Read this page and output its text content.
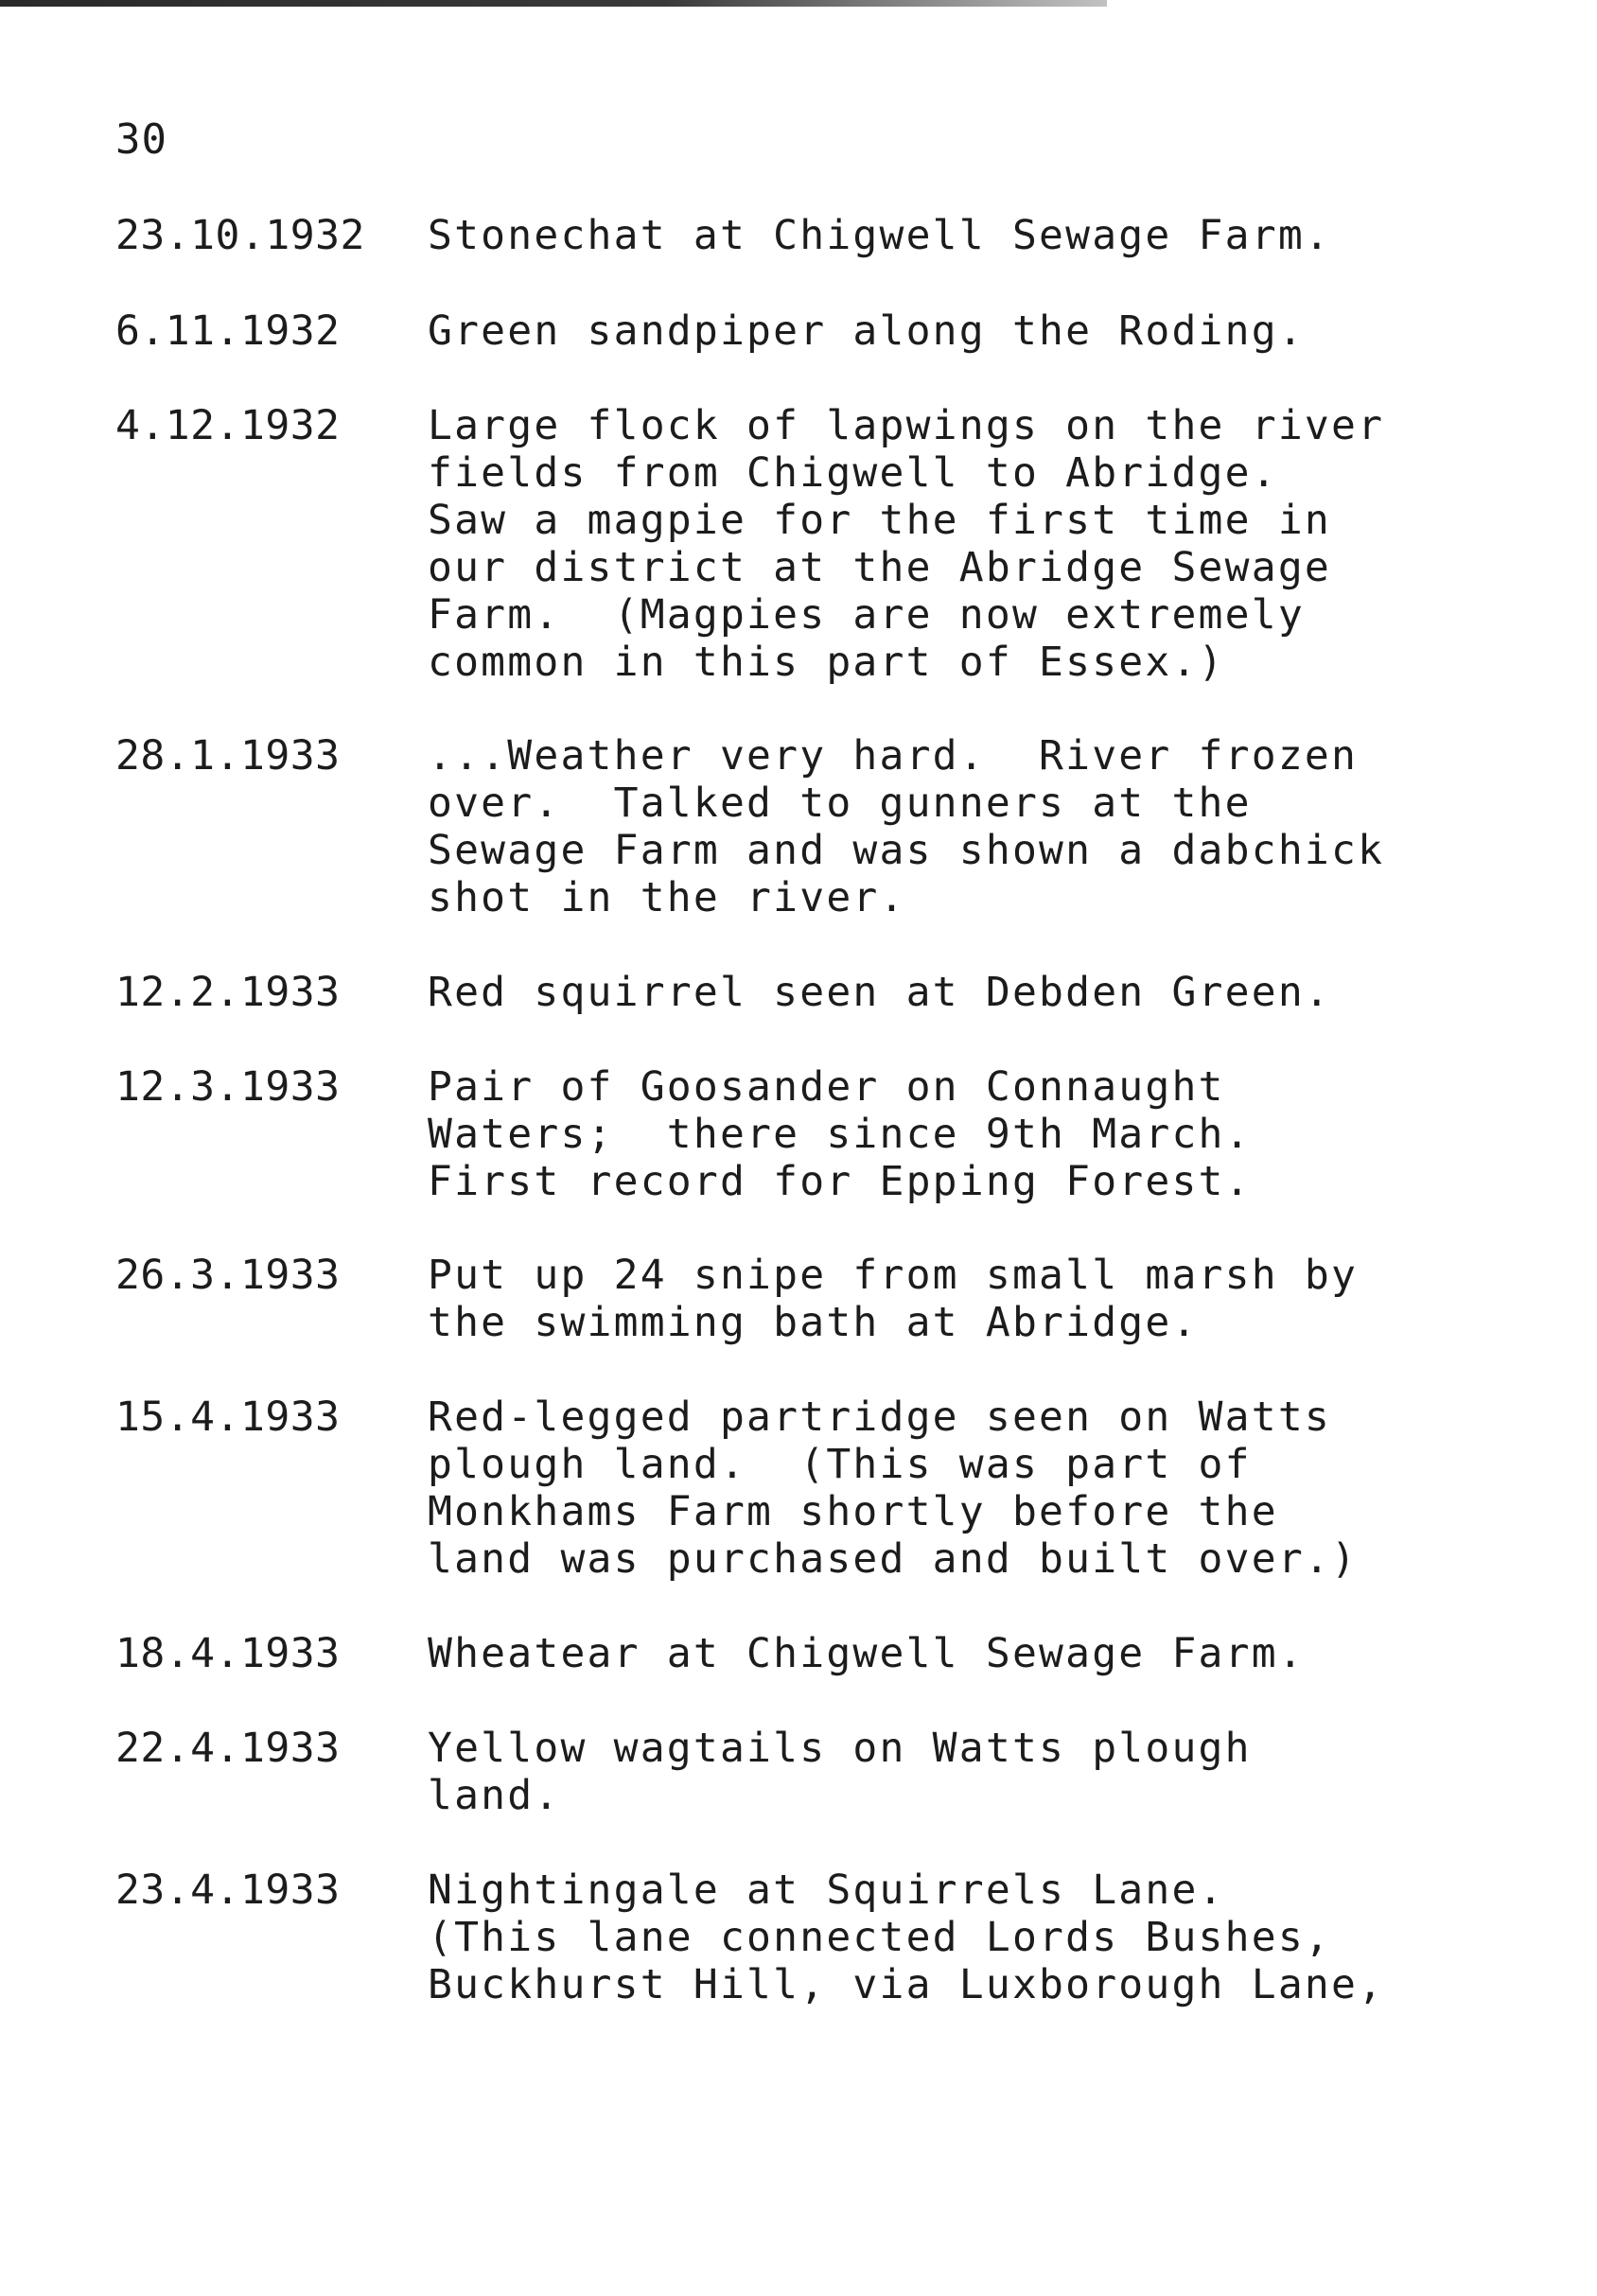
30
23.10.1932	Stonechat at Chigwell Sewage Farm.
6.11.1932	Green sandpiper along the Roding.
4.12.1932	Large flock of lapwings on the river
fields from Chigwell to Abridge.
Saw a magpie for the first time in
our district at the Abridge Sewage
Farm.  (Magpies are now extremely
common in this part of Essex.)
28.1.1933	...Weather very hard.  River frozen
over.  Talked to gunners at the
Sewage Farm and was shown a dabchick
shot in the river.
12.2.1933	Red squirrel seen at Debden Green.
12.3.1933	Pair of Goosander on Connaught
Waters;  there since 9th March.
First record for Epping Forest.
26.3.1933	Put up 24 snipe from small marsh by
the swimming bath at Abridge.
15.4.1933	Red-legged partridge seen on Watts
plough land.  (This was part of
Monkhams Farm shortly before the
land was purchased and built over.)
18.4.1933	Wheatear at Chigwell Sewage Farm.
22.4.1933	Yellow wagtails on Watts plough
land.
23.4.1933	Nightingale at Squirrels Lane.
(This lane connected Lords Bushes,
Buckhurst Hill, via Luxborough Lane,
